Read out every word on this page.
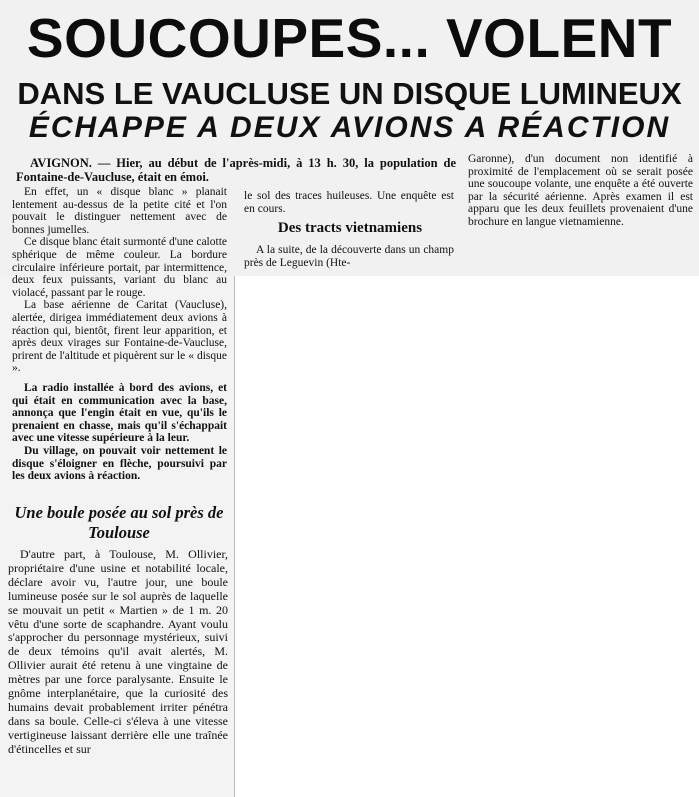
SOUCOUPES... VOLENT
DANS LE VAUCLUSE UN DISQUE LUMINEUX
ÉCHAPPE A DEUX AVIONS A RÉACTION
AVIGNON. — Hier, au début de l'après-midi, à 13 h. 30, la population de Fontaine-de-Vaucluse, était en émoi.

En effet, un « disque blanc » planait lentement au-dessus de la petite cité et l'on pouvait le distinguer nettement avec de bonnes jumelles.

Ce disque blanc était surmonté d'une calotte sphérique de même couleur. La bordure circulaire inférieure portait, par intermittence, deux feux puissants, variant du blanc au violacé, passant par le rouge.

La base aérienne de Caritat (Vaucluse), alertée, dirigea immédiatement deux avions à réaction qui, bientôt, firent leur apparition, et après deux virages sur Fontaine-de-Vaucluse, prirent de l'altitude et piquèrent sur le « disque ».

La radio installée à bord des avions, et qui était en communication avec la base, annonça que l'engin était en vue, qu'ils le prenaient en chasse, mais qu'il s'échappait avec une vitesse supérieure à la leur.

Du village, on pouvait voir nettement le disque s'éloigner en flèche, poursuivi par les deux avions à réaction.

le sol des traces huileuses. Une enquête est en cours.

Des tracts vietnamiens

A la suite, de la découverte dans un champ près de Leguevin (Hte-

Garonne), d'un document non identifié à proximité de l'emplacement où se serait posée une soucoupe volante, une enquête a été ouverte par la sécurité aérienne. Après examen il est apparu que les deux feuillets provenaient d'une brochure en langue vietnamienne.

Une boule posée au sol près de Toulouse

D'autre part, à Toulouse, M. Ollivier, propriétaire d'une usine et notabilité locale, déclare avoir vu, l'autre jour, une boule lumineuse posée sur le sol auprès de laquelle se mouvait un petit « Martien » de 1 m. 20 vêtu d'une sorte de scaphandre. Ayant voulu s'approcher du personnage mystérieux, suivi de deux témoins qu'il avait alertés, M. Ollivier aurait été retenu à une vingtaine de mètres par une force paralysante. Ensuite le gnôme interplanétaire, que la curiosité des humains devait probablement irriter pénétra dans sa boule. Celle-ci s'éleva à une vitesse vertigineuse laissant derrière elle une traînée d'étincelles et sur
